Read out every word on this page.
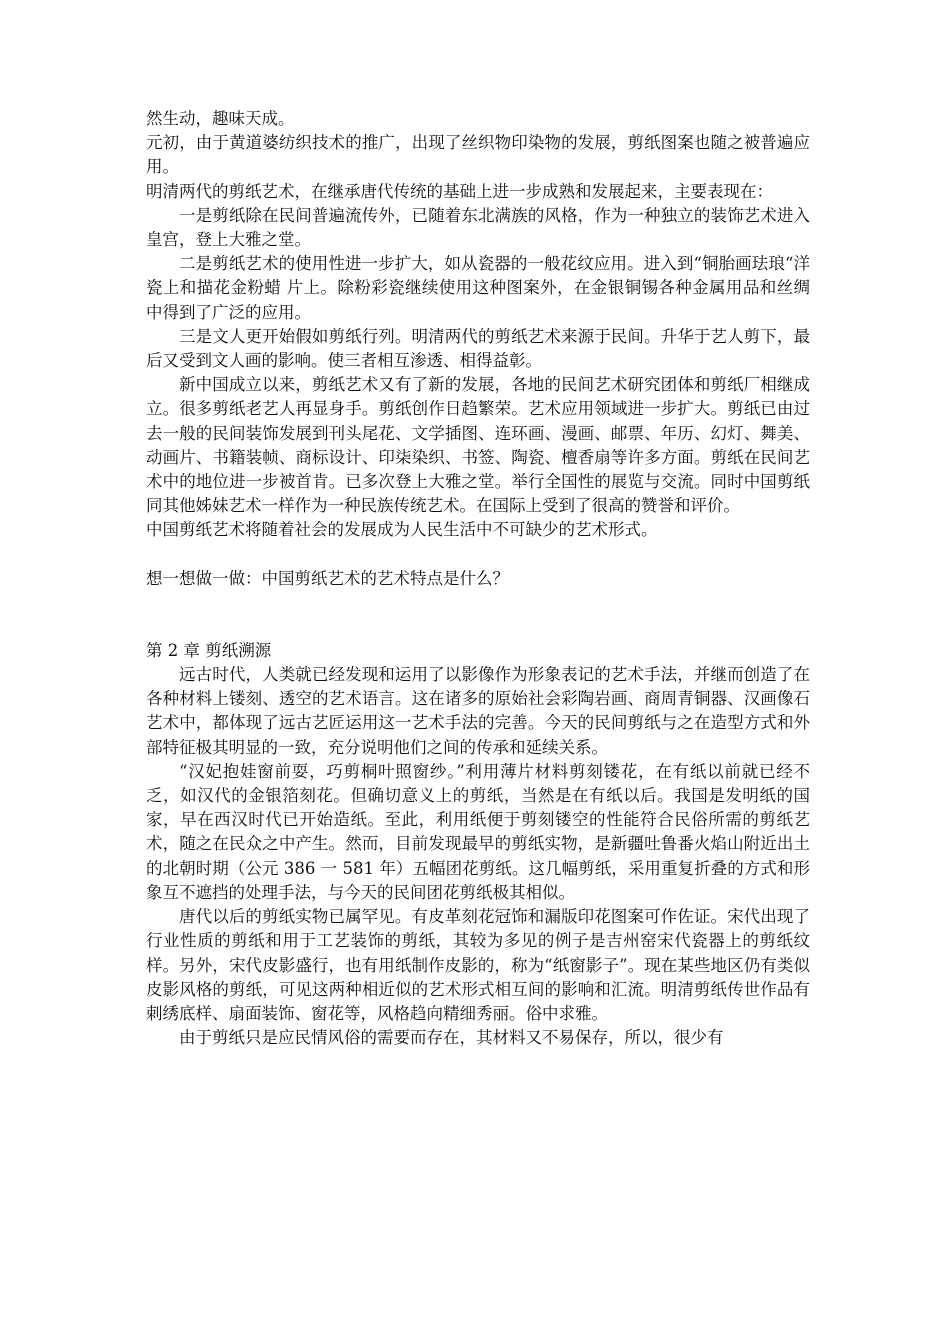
然生动，趣味天成。

元初，由于黄道婆纺织技术的推广，出现了丝织物印染物的发展，剪纸图案也随之被普遍应用。

明清两代的剪纸艺术，在继承唐代传统的基础上进一步成熟和发展起来，主要表现在：

一是剪纸除在民间普遍流传外，已随着东北满族的风格，作为一种独立的装饰艺术进入皇宫，登上大雅之堂。

二是剪纸艺术的使用性进一步扩大，如从瓷器的一般花纹应用。进入到“铜胎画珐琅“洋瓷上和描花金粉蜡 片上。除粉彩瓷继续使用这种图案外，在金银铜锡各种金属用品和丝绸中得到了广泛的应用。

三是文人更开始假如剪纸行列。明清两代的剪纸艺术来源于民间。升华于艺人剪下，最后又受到文人画的影响。使三者相互渗透、相得益彰。

新中国成立以来，剪纸艺术又有了新的发展，各地的民间艺术研究团体和剪纸厂相继成立。很多剪纸老艺人再显身手。剪纸创作日趋繁荣。艺术应用领域进一步扩大。剪纸已由过去一般的民间装饰发展到刊头尾花、文学插图、连环画、漫画、邮票、年历、幻灯、舞美、动画片、书籍装帧、商标设计、印柒染织、书签、陶瓷、檀香扇等许多方面。剪纸在民间艺术中的地位进一步被首肯。已多次登上大雅之堂。举行全国性的展览与交流。同时中国剪纸同其他姊妹艺术一样作为一种民族传统艺术。在国际上受到了很高的赞誉和评价。

中国剪纸艺术将随着社会的发展成为人民生活中不可缺少的艺术形式。

想一想做一做：中国剪纸艺术的艺术特点是什么？

第 2 章 剪纸溯源

远古时代，人类就已经发现和运用了以影像作为形象表记的艺术手法，并继而创造了在各种材料上镂刻、透空的艺术语言。这在诸多的原始社会彩陶岩画、商周青铜器、汉画像石艺术中，都体现了远古艺匠运用这一艺术手法的完善。今天的民间剪纸与之在造型方式和外部特征极其明显的一致，充分说明他们之间的传承和延续关系。

“汉妃抱娃窗前耍，巧剪桐叶照窗纱。”利用薄片材料剪刻镂花，在有纸以前就已经不乏，如汉代的金银箔刻花。但确切意义上的剪纸，当然是在有纸以后。我国是发明纸的国家，早在西汉时代已开始造纸。至此，利用纸便于剪刻镂空的性能符合民俗所需的剪纸艺术，随之在民众之中产生。然而，目前发现最早的剪纸实物，是新疆吐鲁番火焰山附近出土的北朝时期（公元 386 一 581 年）五幅团花剪纸。这几幅剪纸，采用重复折叠的方式和形象互不遮挡的处理手法，与今天的民间团花剪纸极其相似。

唐代以后的剪纸实物已属罕见。有皮革刻花冠饰和漏版印花图案可作佐证。宋代出现了行业性质的剪纸和用于工艺装饰的剪纸，其较为多见的例子是吉州窑宋代瓷器上的剪纸纹样。另外，宋代皮影盛行，也有用纸制作皮影的，称为“纸窗影子”。现在某些地区仍有类似皮影风格的剪纸，可见这两种相近似的艺术形式相互间的影响和汇流。明清剪纸传世作品有刺绣底样、扇面装饰、窗花等，风格趋向精细秀丽。俗中求雅。

由于剪纸只是应民情风俗的需要而存在，其材料又不易保存，所以，很少有
